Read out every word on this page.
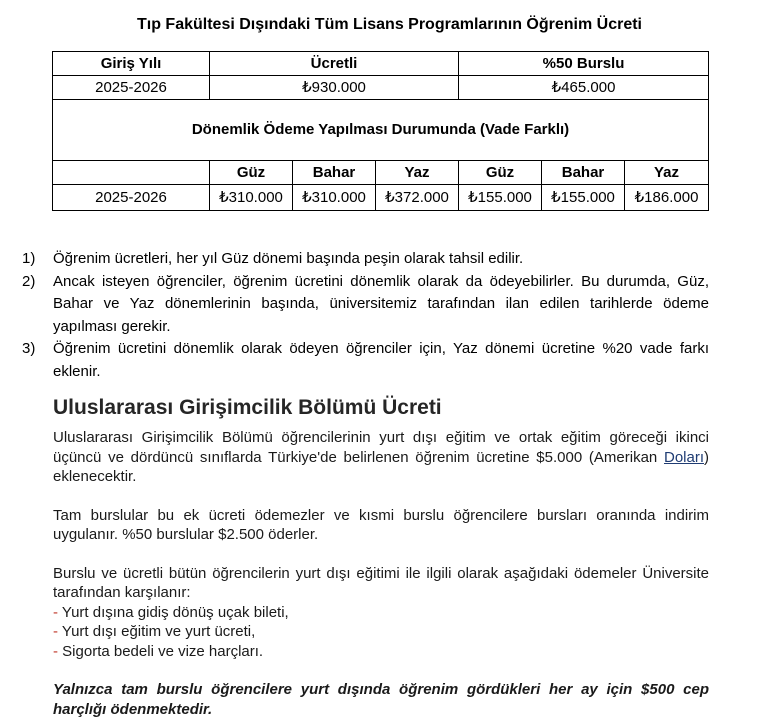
Tıp Fakültesi Dışındaki Tüm Lisans Programlarının Öğrenim Ücreti
Giriş Yılı	Ücretli			%50 Burslu		
2025-2026	₺930.000			₺465.000		
Dönemlik Ödeme Yapılması Durumunda (Vade Farklı)						
	Güz	Bahar	Yaz	Güz	Bahar	Yaz
2025-2026	₺310.000	₺310.000	₺372.000	₺155.000	₺155.000	₺186.000
1) Öğrenim ücretleri, her yıl Güz dönemi başında peşin olarak tahsil edilir.
2) Ancak isteyen öğrenciler, öğrenim ücretini dönemlik olarak da ödeyebilirler. Bu durumda, Güz, Bahar ve Yaz dönemlerinin başında, üniversitemiz tarafından ilan edilen tarihlerde ödeme yapılması gerekir.
3) Öğrenim ücretini dönemlik olarak ödeyen öğrenciler için, Yaz dönemi ücretine %20 vade farkı eklenir.
Uluslararası Girişimcilik Bölümü Ücreti

Uluslararası Girişimcilik Bölümü öğrencilerinin yurt dışı eğitim ve ortak eğitim göreceği ikinci üçüncü ve dördüncü sınıflarda Türkiye'de belirlenen öğrenim ücretine $5.000 (Amerikan Doları) eklenecektir.

Tam burslular bu ek ücreti ödemezler ve kısmi burslu öğrencilere bursları oranında indirim uygulanır. %50 burslular $2.500 öderler.

Burslu ve ücretli bütün öğrencilerin yurt dışı eğitimi ile ilgili olarak aşağıdaki ödemeler Üniversite tarafından karşılanır:

- Yurt dışına gidiş dönüş uçak bileti,
- Yurt dışı eğitim ve yurt ücreti,
- Sigorta bedeli ve vize harçları.

Yalnızca tam burslu öğrencilere yurt dışında öğrenim gördükleri her ay için $500 cep harçlığı ödenmektedir.
